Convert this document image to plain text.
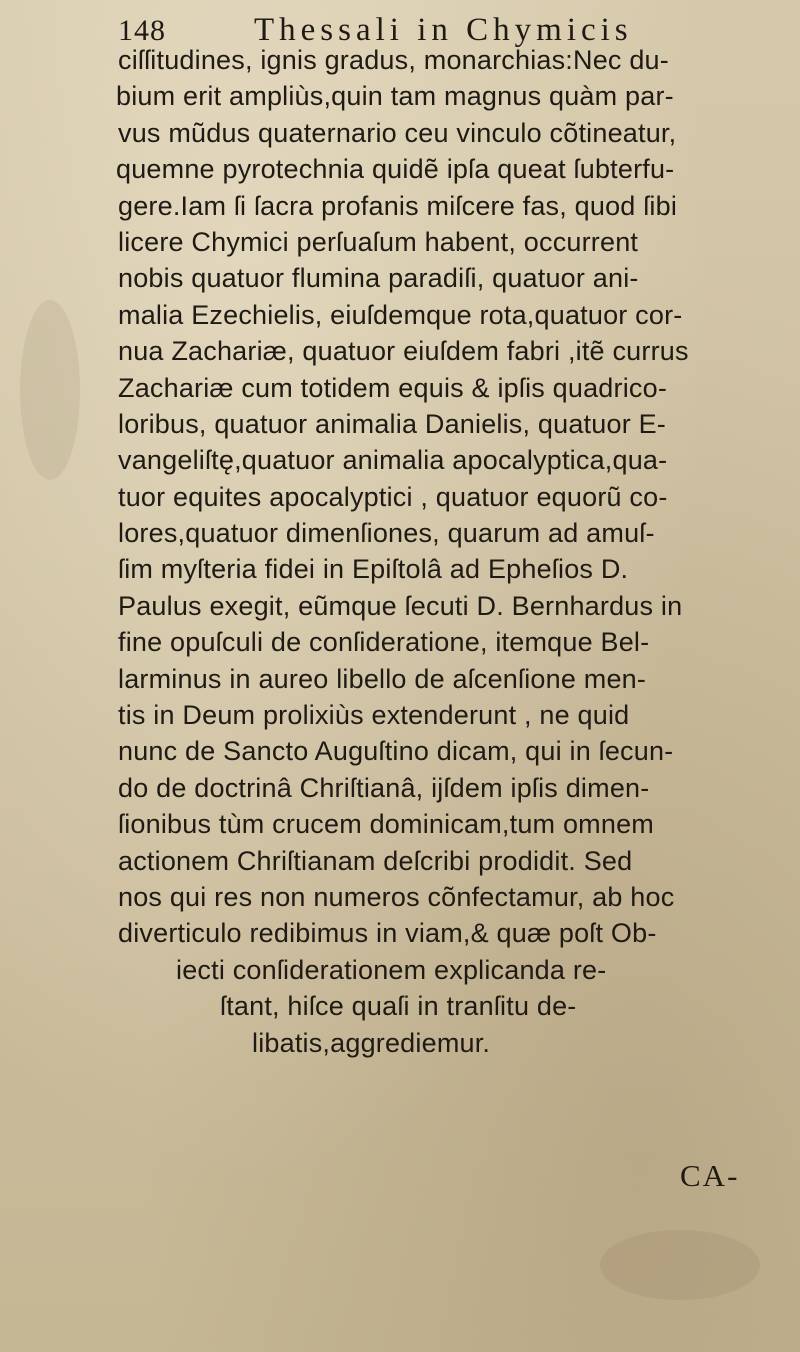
148	Thessali in Chymicis
ciſſitudines, ignis gradus, monarchias:Nec du-
bium erit ampliùs,quin tam magnus quàm par-
vus mũdus quaternario ceu vinculo cõtineatur,
quemne pyrotechnia quidẽ ipſa queat ſubterfu-
gere.Iam ſi ſacra profanis miſcere fas, quod ſibi
licere Chymici perſuaſum habent, occurrent
nobis quatuor flumina paradiſi, quatuor ani-
malia Ezechielis, eiuſdemque rota,quatuor cor-
nua Zachariæ, quatuor eiuſdem fabri ,itẽ currus
Zachariæ cum totidem equis & ipſis quadrico-
loribus, quatuor animalia Danielis, quatuor E-
vangeliſtę,quatuor animalia apocalyptica,qua-
tuor equites apocalyptici , quatuor equorũ co-
lores,quatuor dimenſiones, quarum ad amuſ-
ſim myſteria fidei in Epiſtolâ ad Epheſios D.
Paulus exegit, eũmque ſecuti D. Bernhardus in
fine opuſculi de conſideratione, itemque Bel-
larminus in aureo libello de aſcenſione men-
tis in Deum prolixiùs extenderunt , ne quid
nunc de Sanсto Auguſtino dicam, qui in ſecun-
do de doсtrinâ Chriſtianâ, ijſdem ipſis dimen-
ſionibus tùm crucem dominicam,tum omnem
aсtionem Chriſtianam deſcribi prodidit. Sed
nos qui res non numeros cõnfeсtamur, ab hoc
diverticulo redibimus in viam,& quæ poſt Ob-
ieсti conſiderationem explicanda re-
ſtant, hiſce quaſi in tranſitu de-
libatis,aggrediemur.
CA-
